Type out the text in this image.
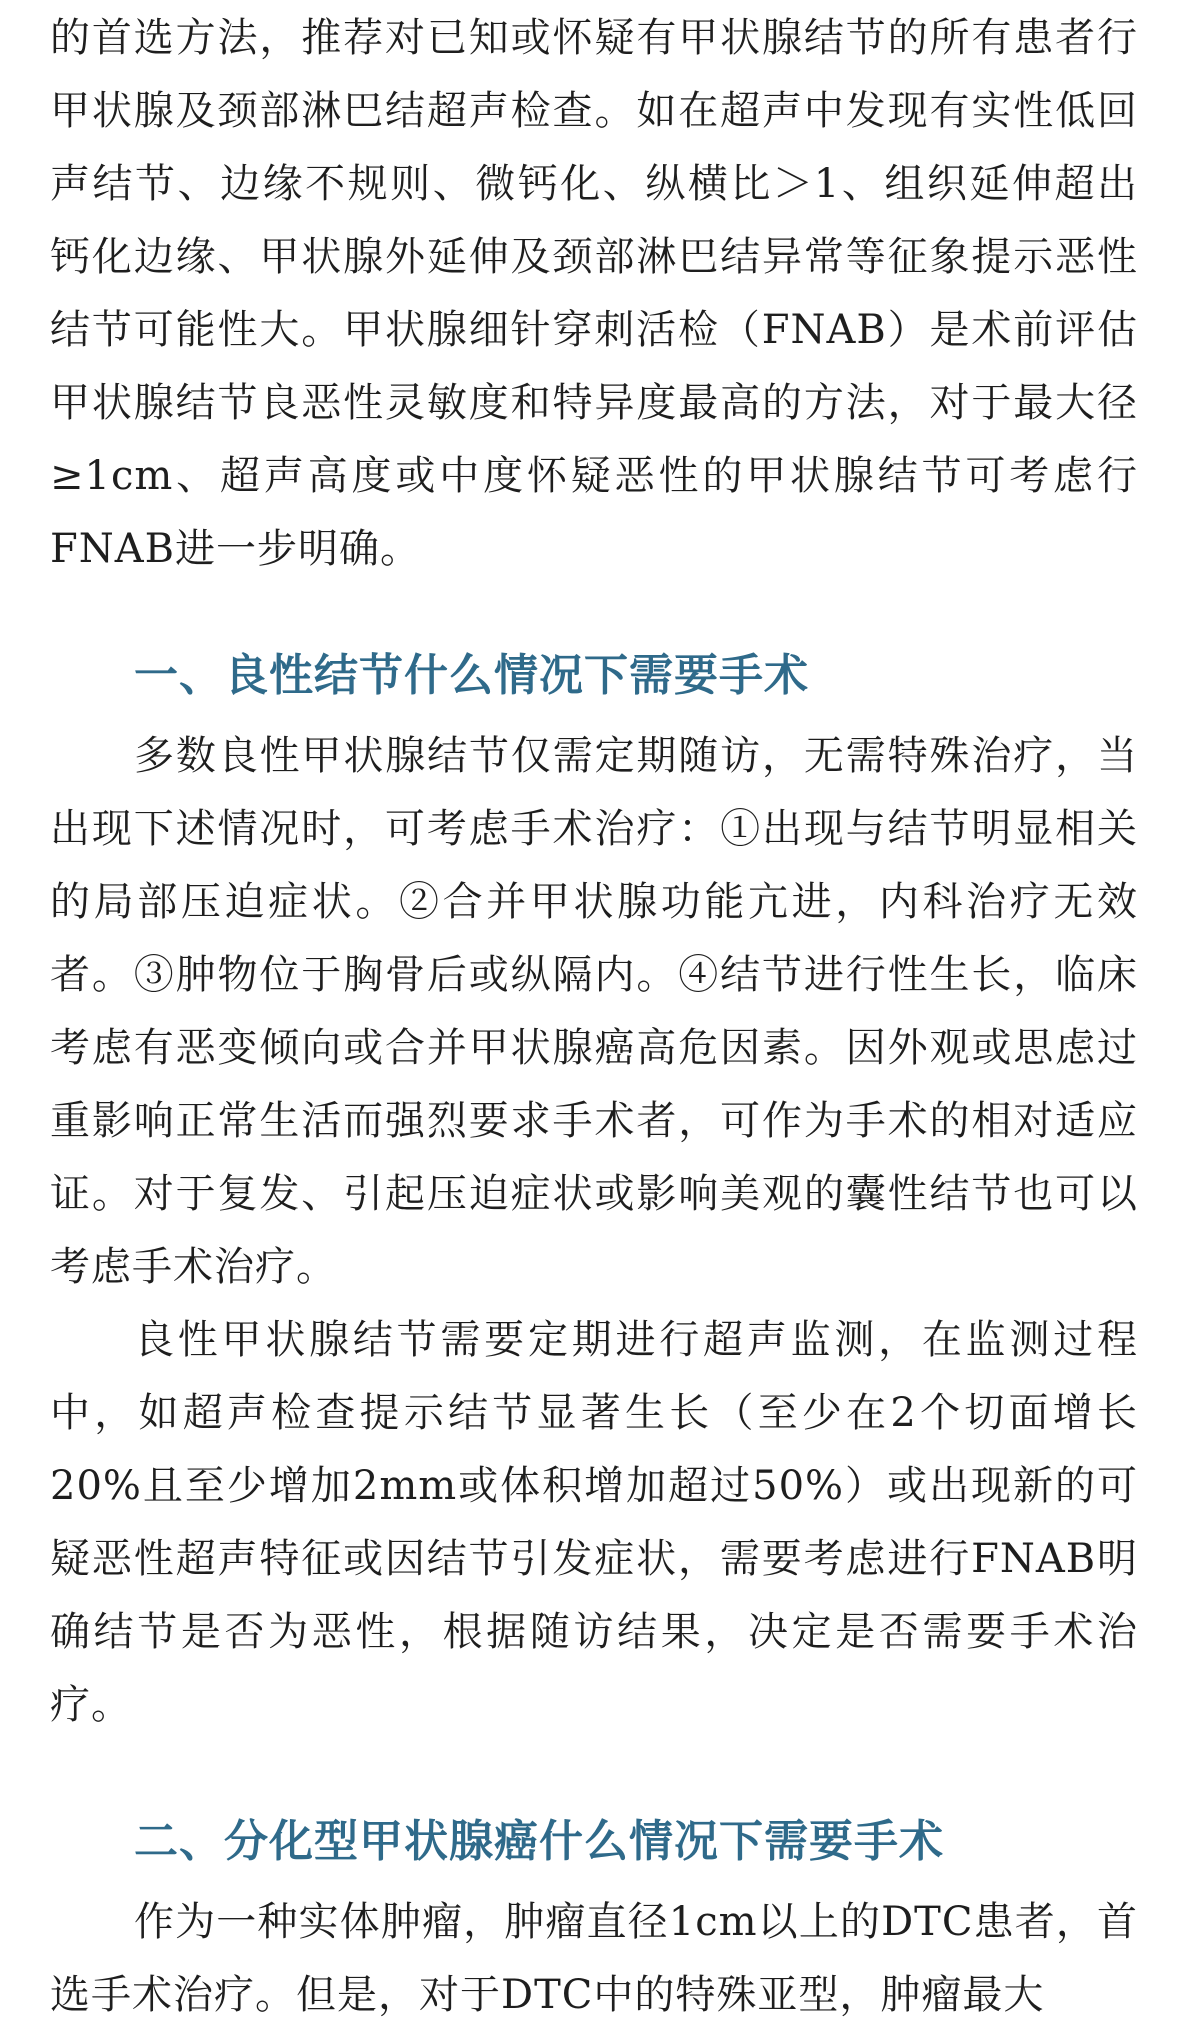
的首选方法，推荐对已知或怀疑有甲状腺结节的所有患者行甲状腺及颈部淋巴结超声检查。如在超声中发现有实性低回声结节、边缘不规则、微钙化、纵横比＞1、组织延伸超出钙化边缘、甲状腺外延伸及颈部淋巴结异常等征象提示恶性结节可能性大。甲状腺细针穿刺活检（FNAB）是术前评估甲状腺结节良恶性灵敏度和特异度最高的方法，对于最大径≥1cm、超声高度或中度怀疑恶性的甲状腺结节可考虑行FNAB进一步明确。

一、良性结节什么情况下需要手术

多数良性甲状腺结节仅需定期随访，无需特殊治疗，当出现下述情况时，可考虑手术治疗：①出现与结节明显相关的局部压迫症状。②合并甲状腺功能亢进，内科治疗无效者。③肿物位于胸骨后或纵隔内。④结节进行性生长，临床考虑有恶变倾向或合并甲状腺癌高危因素。因外观或思虑过重影响正常生活而强烈要求手术者，可作为手术的相对适应证。对于复发、引起压迫症状或影响美观的囊性结节也可以考虑手术治疗。

良性甲状腺结节需要定期进行超声监测，在监测过程中，如超声检查提示结节显著生长（至少在2个切面增长20%且至少增加2mm或体积增加超过50%）或出现新的可疑恶性超声特征或因结节引发症状，需要考虑进行FNAB明确结节是否为恶性，根据随访结果，决定是否需要手术治疗。

二、分化型甲状腺癌什么情况下需要手术

作为一种实体肿瘤，肿瘤直径1cm以上的DTC患者，首选手术治疗。但是，对于DTC中的特殊亚型，肿瘤最大
